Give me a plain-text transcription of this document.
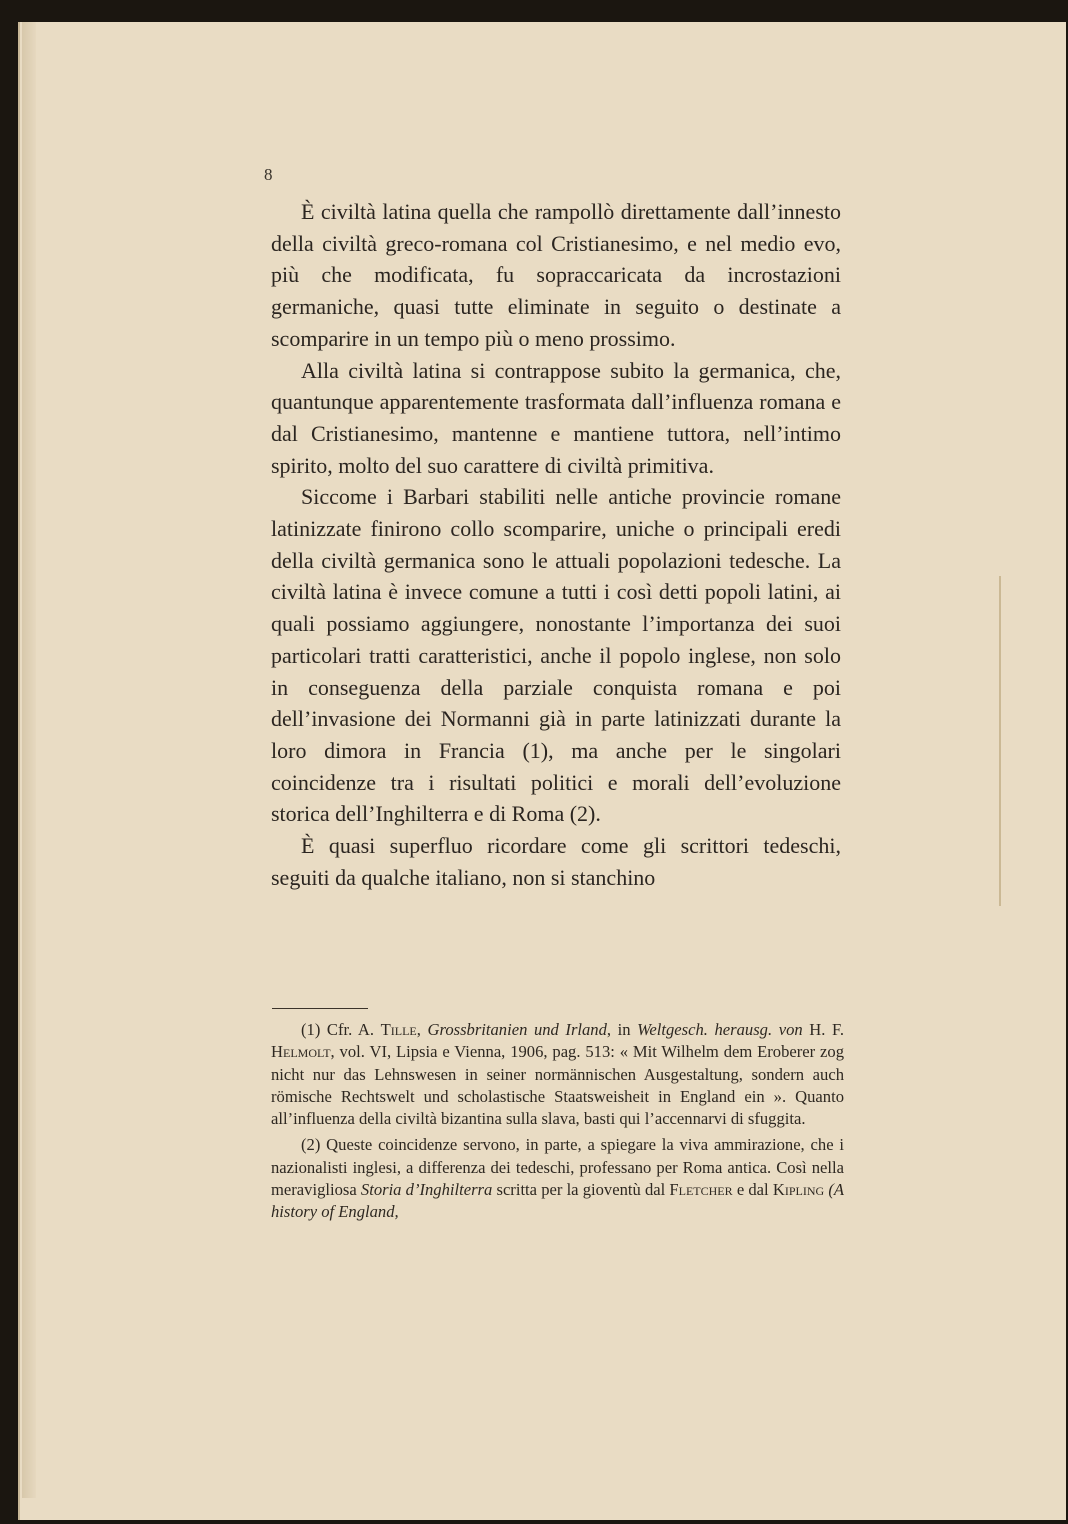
8

È civiltà latina quella che rampollò direttamente dall’innesto della civiltà greco-romana col Cristianesimo, e nel medio evo, più che modificata, fu sopraccaricata da incrostazioni germaniche, quasi tutte eliminate in seguito o destinate a scomparire in un tempo più o meno prossimo.

Alla civiltà latina si contrappose subito la germanica, che, quantunque apparentemente trasformata dall’influenza romana e dal Cristianesimo, mantenne e mantiene tuttora, nell’intimo spirito, molto del suo carattere di civiltà primitiva.

Siccome i Barbari stabiliti nelle antiche provincie romane latinizzate finirono collo scomparire, uniche o principali eredi della civiltà germanica sono le attuali popolazioni tedesche. La civiltà latina è invece comune a tutti i così detti popoli latini, ai quali possiamo aggiungere, nonostante l’importanza dei suoi particolari tratti caratteristici, anche il popolo inglese, non solo in conseguenza della parziale conquista romana e poi dell’invasione dei Normanni già in parte latinizzati durante la loro dimora in Francia (1), ma anche per le singolari coincidenze tra i risultati politici e morali dell’evoluzione storica dell’Inghilterra e di Roma (2).

È quasi superfluo ricordare come gli scrittori tedeschi, seguiti da qualche italiano, non si stanchino

(1) Cfr. A. Tille, Grossbritanien und Irland, in Weltgesch. herausg. von H. F. Helmolt, vol. VI, Lipsia e Vienna, 1906, pag. 513: « Mit Wilhelm dem Eroberer zog nicht nur das Lehnswesen in seiner normännischen Ausgestaltung, sondern auch römische Rechtswelt und scholastische Staatsweisheit in England ein ». Quanto all’influenza della civiltà bizantina sulla slava, basti qui l’accennarvi di sfuggita.

(2) Queste coincidenze servono, in parte, a spiegare la viva ammirazione, che i nazionalisti inglesi, a differenza dei tedeschi, professano per Roma antica. Così nella meravigliosa Storia d’Inghilterra scritta per la gioventù dal Fletcher e dal Kipling (A history of England,
